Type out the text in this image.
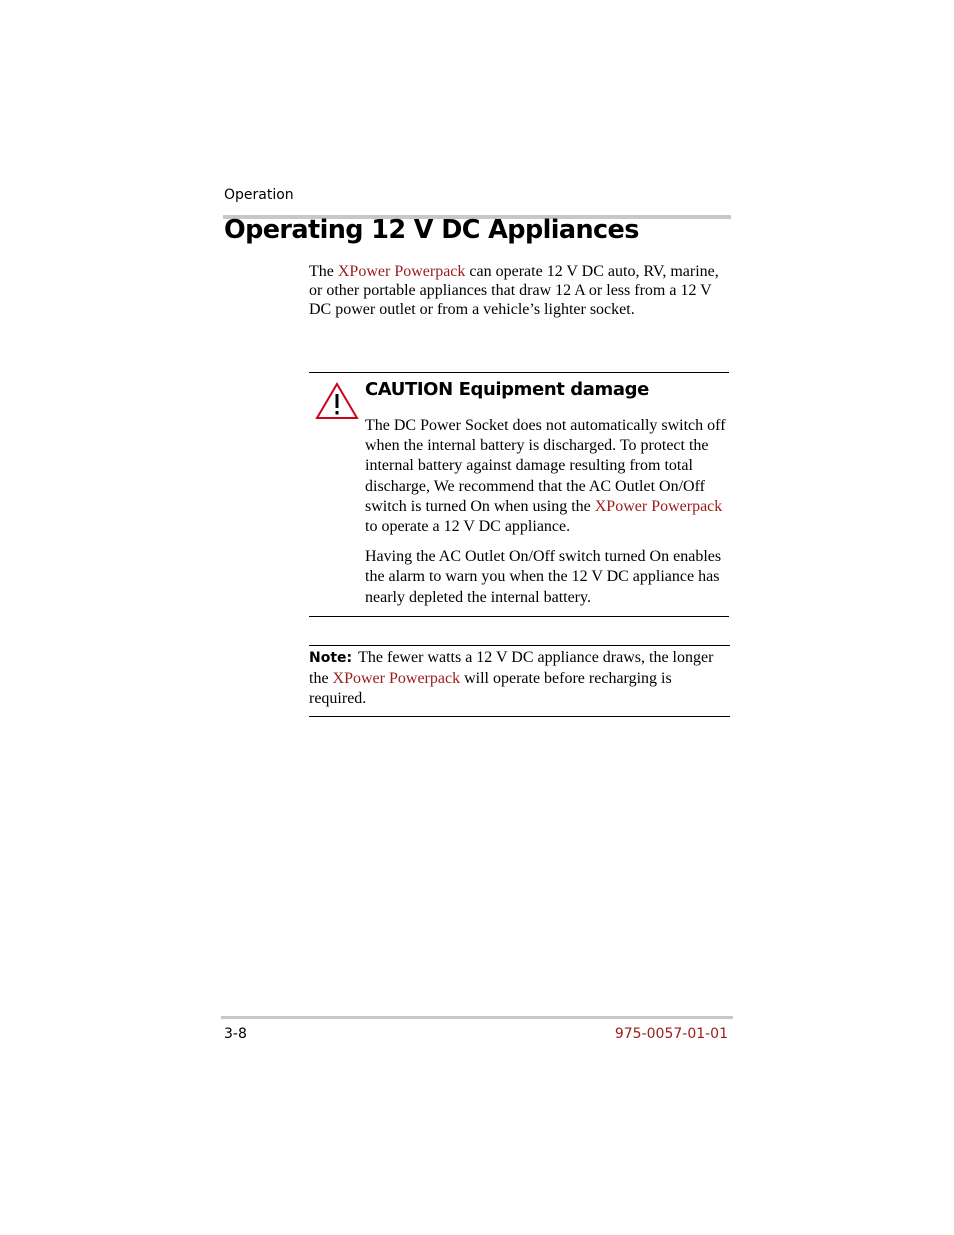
Operation
Operating 12 V DC Appliances

The XPower Powerpack can operate 12 V DC auto, RV, marine, or other portable appliances that draw 12 A or less from a 12 V DC power outlet or from a vehicle’s lighter socket.

CAUTION Equipment damage

The DC Power Socket does not automatically switch off when the internal battery is discharged. To protect the internal battery against damage resulting from total discharge, We recommend that the AC Outlet On/Off switch is turned On when using the XPower Powerpack to operate a 12 V DC appliance.

Having the AC Outlet On/Off switch turned On enables the alarm to warn you when the 12 V DC appliance has nearly depleted the internal battery.

Note: The fewer watts a 12 V DC appliance draws, the longer the XPower Powerpack will operate before recharging is required.

3-8	975-0057-01-01
